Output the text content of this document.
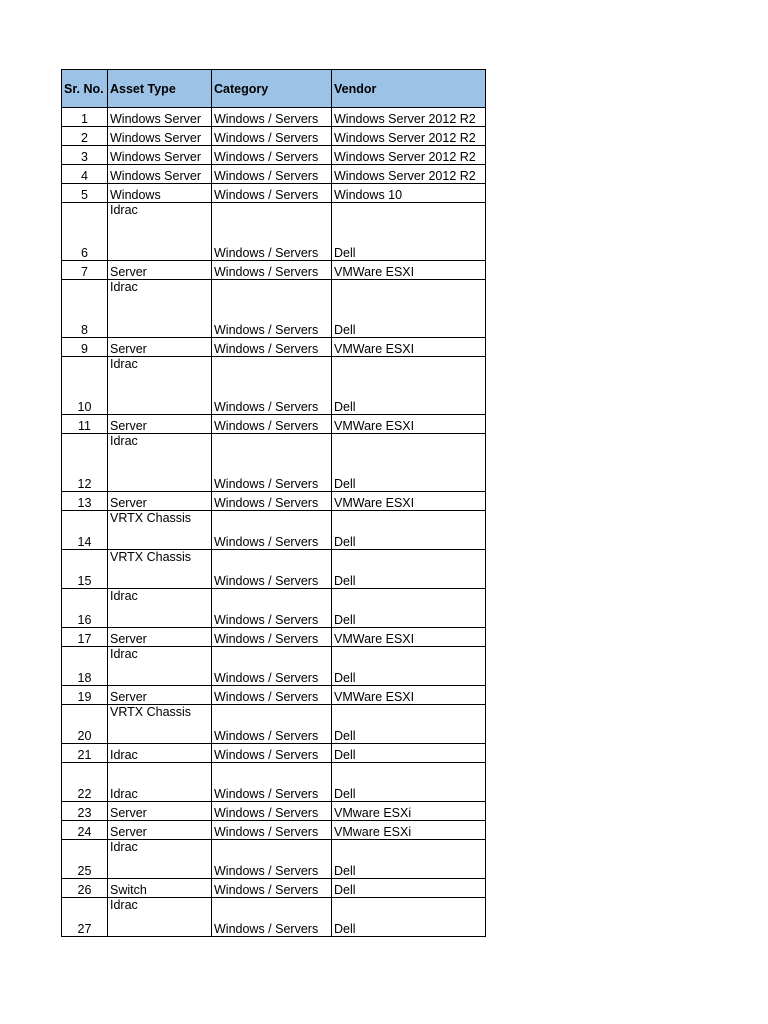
Sr. No.	Asset Type	Category	Vendor
1	Windows Server	Windows / Servers	Windows Server 2012 R2
2	Windows Server	Windows / Servers	Windows Server 2012 R2
3	Windows Server	Windows / Servers	Windows Server 2012 R2
4	Windows Server	Windows / Servers	Windows Server 2012 R2
5	Windows	Windows / Servers	Windows 10
6	Idrac	Windows / Servers	Dell
7	Server	Windows / Servers	VMWare ESXI
8	Idrac	Windows / Servers	Dell
9	Server	Windows / Servers	VMWare ESXI
10	Idrac	Windows / Servers	Dell
11	Server	Windows / Servers	VMWare ESXI
12	Idrac	Windows / Servers	Dell
13	Server	Windows / Servers	VMWare ESXI
14	VRTX Chassis	Windows / Servers	Dell
15	VRTX Chassis	Windows / Servers	Dell
16	Idrac	Windows / Servers	Dell
17	Server	Windows / Servers	VMWare ESXI
18	Idrac	Windows / Servers	Dell
19	Server	Windows / Servers	VMWare ESXI
20	VRTX Chassis	Windows / Servers	Dell
21	Idrac	Windows / Servers	Dell
22	Idrac	Windows / Servers	Dell
23	Server	Windows / Servers	VMware ESXi
24	Server	Windows / Servers	VMware ESXi
25	Idrac	Windows / Servers	Dell
26	Switch	Windows / Servers	Dell
27	Idrac	Windows / Servers	Dell
